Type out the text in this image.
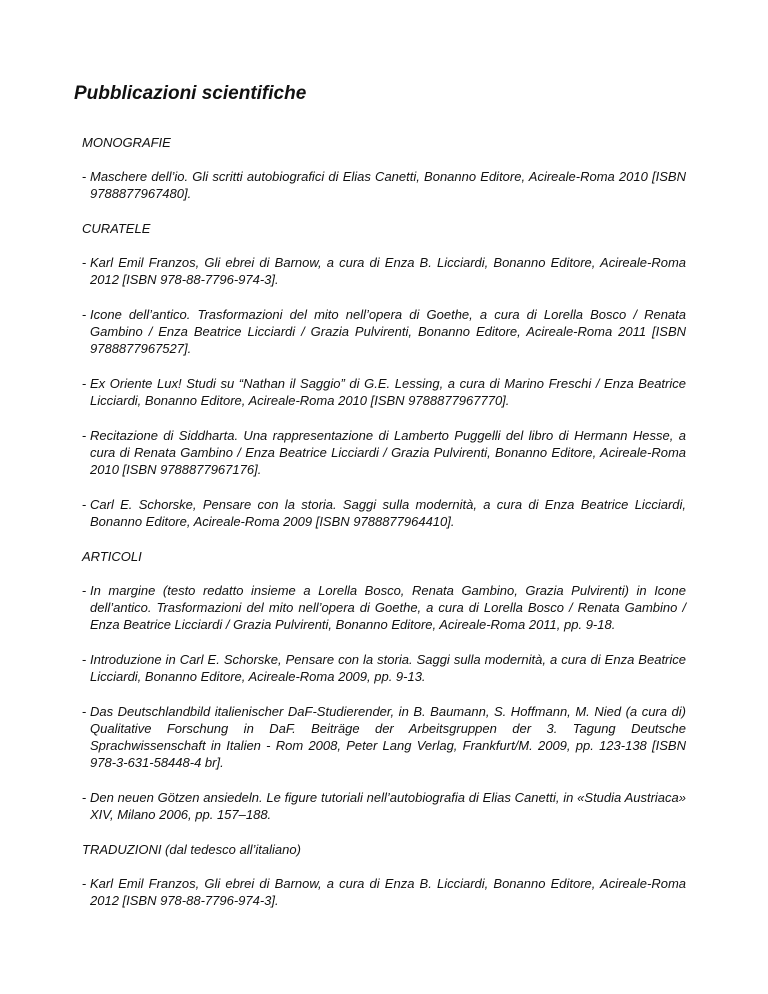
Pubblicazioni scientifiche

MONOGRAFIE

- Maschere dell’io. Gli scritti autobiografici di Elias Canetti, Bonanno Editore, Acireale-Roma 2010 [ISBN 9788877967480].

CURATELE

- Karl Emil Franzos, Gli ebrei di Barnow, a cura di Enza B. Licciardi, Bonanno Editore, Acireale-Roma 2012 [ISBN 978-88-7796-974-3].
- Icone dell’antico. Trasformazioni del mito nell’opera di Goethe, a cura di Lorella Bosco / Renata Gambino / Enza Beatrice Licciardi / Grazia Pulvirenti, Bonanno Editore, Acireale-Roma 2011 [ISBN 9788877967527].
- Ex Oriente Lux! Studi su “Nathan il Saggio” di G.E. Lessing, a cura di Marino Freschi / Enza Beatrice Licciardi, Bonanno Editore, Acireale-Roma 2010 [ISBN 9788877967770].
- Recitazione di Siddharta. Una rappresentazione di Lamberto Puggelli del libro di Hermann Hesse, a cura di Renata Gambino / Enza Beatrice Licciardi / Grazia Pulvirenti, Bonanno Editore, Acireale-Roma 2010 [ISBN 9788877967176].
- Carl E. Schorske, Pensare con la storia. Saggi sulla modernità, a cura di Enza Beatrice Licciardi, Bonanno Editore, Acireale-Roma 2009 [ISBN 9788877964410].

ARTICOLI

- In margine (testo redatto insieme a Lorella Bosco, Renata Gambino, Grazia Pulvirenti) in Icone dell’antico. Trasformazioni del mito nell’opera di Goethe, a cura di Lorella Bosco / Renata Gambino / Enza Beatrice Licciardi / Grazia Pulvirenti, Bonanno Editore, Acireale-Roma 2011, pp. 9-18.
- Introduzione in Carl E. Schorske, Pensare con la storia. Saggi sulla modernità, a cura di Enza Beatrice Licciardi, Bonanno Editore, Acireale-Roma 2009, pp. 9-13.
- Das Deutschlandbild italienischer DaF-Studierender, in B. Baumann, S. Hoffmann, M. Nied (a cura di) Qualitative Forschung in DaF. Beiträge der Arbeitsgruppen der 3. Tagung Deutsche Sprachwissenschaft in Italien - Rom 2008, Peter Lang Verlag, Frankfurt/M. 2009, pp. 123-138 [ISBN 978-3-631-58448-4 br].
- Den neuen Götzen ansiedeln. Le figure tutoriali nell’autobiografia di Elias Canetti, in «Studia Austriaca» XIV, Milano 2006, pp. 157–188.

TRADUZIONI (dal tedesco all’italiano)

- Karl Emil Franzos, Gli ebrei di Barnow, a cura di Enza B. Licciardi, Bonanno Editore, Acireale-Roma 2012 [ISBN 978-88-7796-974-3].
